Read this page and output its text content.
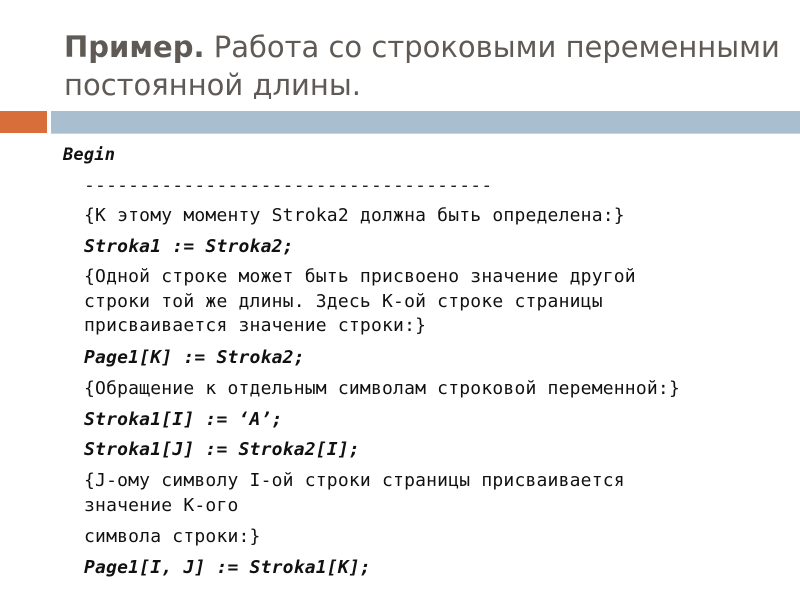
Пример. Работа со строковыми переменными постоянной длины.
Begin
-------------------------------------
{К этому моменту Stroka2 должна быть определена:}
Stroka1 := Stroka2;
{Одной строке может быть присвоено значение другой
строки той же длины. Здесь К-ой строке страницы
присваивается значение строки:}
Page1[K] := Stroka2;
{Обращение к отдельным символам строковой переменной:}
Stroka1[I] := ‘A’;
Stroka1[J] := Stroka2[I];
{J-ому символу I-ой строки страницы присваивается
значение К-ого
символа строки:}
Page1[I, J] := Stroka1[K];
